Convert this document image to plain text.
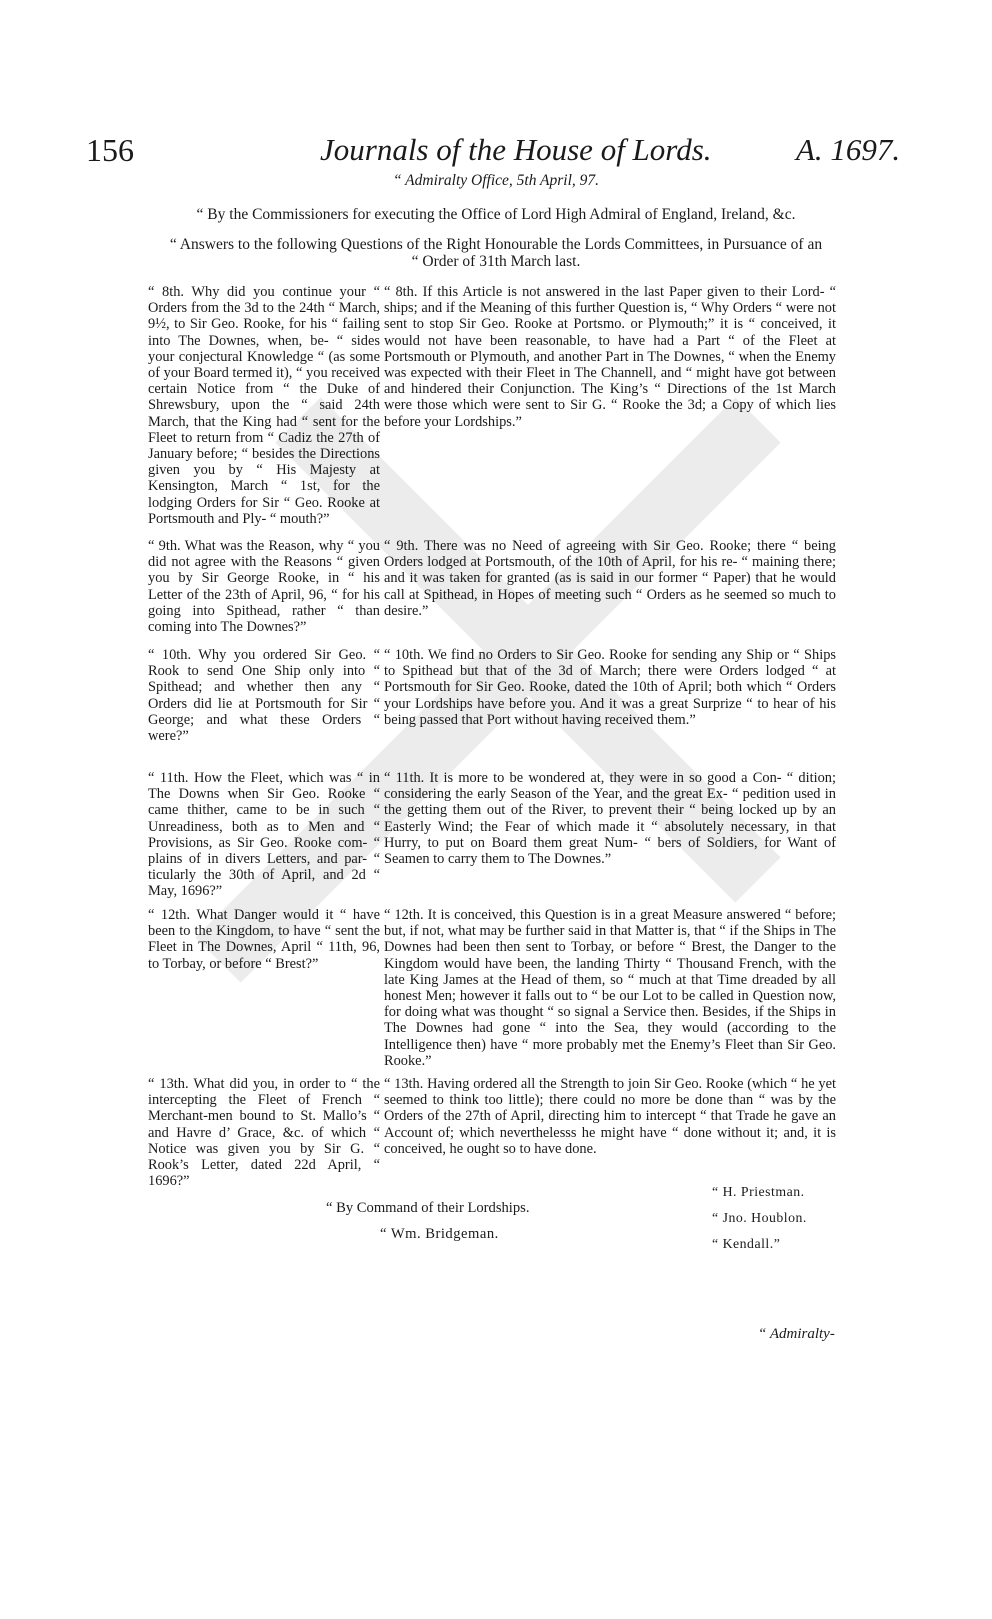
156	Journals of the House of Lords.	A. 1697.
“ Admiralty Office, 5th April, 97.
“ By the Commissioners for executing the Office of Lord High Admiral of England, Ireland, &c.
“ Answers to the following Questions of the Right Honourable the Lords Committees, in Pursuance of an
“ Order of 31th March last.

“ 8th. Why did you continue your “ Orders from the 3d to the 24th “ March, 9½, to Sir Geo. Rooke, for his “ failing into The Downes, when, be- “ sides your conjectural Knowledge “ (as some of your Board termed it), “ you received certain Notice from “ the Duke of Shrewsbury, upon the “ said 24th March, that the King had “ sent for the Fleet to return from “ Cadiz the 27th of January before; “ besides the Directions given you by “ His Majesty at Kensington, March “ 1st, for the lodging Orders for Sir “ Geo. Rooke at Portsmouth and Ply- “ mouth?”

“ 8th. If this Article is not answered in the last Paper given to their Lord- “ ships; and if the Meaning of this further Question is, “ Why Orders “ were not sent to stop Sir Geo. Rooke at Portsmo. or Plymouth;” it is “ conceived, it would not have been reasonable, to have had a Part “ of the Fleet at Portsmouth or Plymouth, and another Part in The Downes, “ when the Enemy was expected with their Fleet in The Channell, and “ might have got between and hindered their Conjunction. The King’s “ Directions of the 1st March were those which were sent to Sir G. “ Rooke the 3d; a Copy of which lies before your Lordships.”

“ 9th. What was the Reason, why “ you did not agree with the Reasons “ given you by Sir George Rooke, in “ his Letter of the 23th of April, 96, “ for his going into Spithead, rather “ than coming into The Downes?”

“ 9th. There was no Need of agreeing with Sir Geo. Rooke; there “ being Orders lodged at Portsmouth, of the 10th of April, for his re- “ maining there; and it was taken for granted (as is said in our former “ Paper) that he would call at Spithead, in Hopes of meeting such “ Orders as he seemed so much to desire.”

“ 10th. Why you ordered Sir Geo. “ Rook to send One Ship only into “ Spithead; and whether then any “ Orders did lie at Portsmouth for Sir “ George; and what these Orders “ were?”

“ 10th. We find no Orders to Sir Geo. Rooke for sending any Ship or “ Ships to Spithead but that of the 3d of March; there were Orders lodged “ at Portsmouth for Sir Geo. Rooke, dated the 10th of April; both which “ Orders your Lordships have before you. And it was a great Surprize “ to hear of his being passed that Port without having received them.”

“ 11th. How the Fleet, which was “ in The Downs when Sir Geo. Rooke “ came thither, came to be in such “ Unreadiness, both as to Men and “ Provisions, as Sir Geo. Rooke com- “ plains of in divers Letters, and par- “ ticularly the 30th of April, and 2d “ May, 1696?”

“ 11th. It is more to be wondered at, they were in so good a Con- “ dition; considering the early Season of the Year, and the great Ex- “ pedition used in the getting them out of the River, to prevent their “ being locked up by an Easterly Wind; the Fear of which made it “ absolutely necessary, in that Hurry, to put on Board them great Num- “ bers of Soldiers, for Want of Seamen to carry them to The Downes.”

“ 12th. What Danger would it “ have been to the Kingdom, to have “ sent the Fleet in The Downes, April “ 11th, 96, to Torbay, or before “ Brest?”

“ 12th. It is conceived, this Question is in a great Measure answered “ before; but, if not, what may be further said in that Matter is, that “ if the Ships in The Downes had been then sent to Torbay, or before “ Brest, the Danger to the Kingdom would have been, the landing Thirty “ Thousand French, with the late King James at the Head of them, so “ much at that Time dreaded by all honest Men; however it falls out to “ be our Lot to be called in Question now, for doing what was thought “ so signal a Service then. Besides, if the Ships in The Downes had gone “ into the Sea, they would (according to the Intelligence then) have “ more probably met the Enemy’s Fleet than Sir Geo. Rooke.”

“ 13th. What did you, in order to “ the intercepting the Fleet of French “ Merchant-men bound to St. Mallo’s “ and Havre d’ Grace, &c. of which “ Notice was given you by Sir G. “ Rook’s Letter, dated 22d April, “ 1696?”

“ 13th. Having ordered all the Strength to join Sir Geo. Rooke (which “ he yet seemed to think too little); there could no more be done than “ was by the Orders of the 27th of April, directing him to intercept “ that Trade he gave an Account of; which neverthelesss he might have “ done without it; and, it is conceived, he ought so to have done.

“ By Command of their Lordships.
“ Wm. Bridgeman.
“ H. Priestman.
“ Jno. Houblon.
“ Kendall.”
“ Admiralty-
